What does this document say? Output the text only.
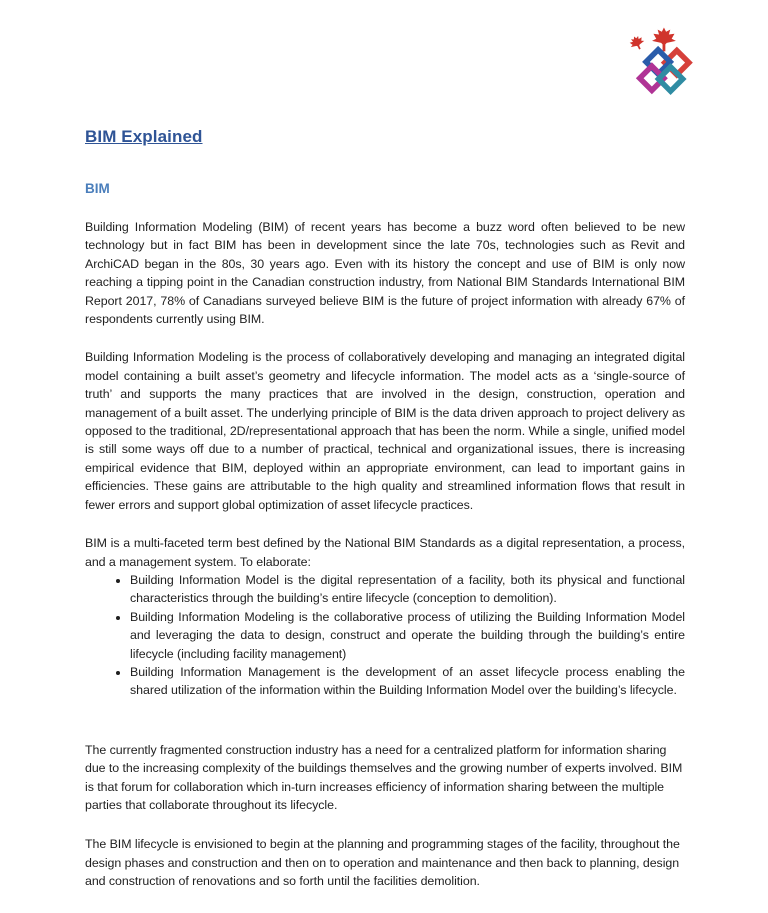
BIM Explained
BIM

Building Information Modeling (BIM) of recent years has become a buzz word often believed to be new technology but in fact BIM has been in development since the late 70s, technologies such as Revit and ArchiCAD began in the 80s, 30 years ago. Even with its history the concept and use of BIM is only now reaching a tipping point in the Canadian construction industry, from National BIM Standards International BIM Report 2017, 78% of Canadians surveyed believe BIM is the future of project information with already 67% of respondents currently using BIM.

Building Information Modeling is the process of collaboratively developing and managing an integrated digital model containing a built asset’s geometry and lifecycle information. The model acts as a ‘single-source of truth’ and supports the many practices that are involved in the design, construction, operation and management of a built asset. The underlying principle of BIM is the data driven approach to project delivery as opposed to the traditional, 2D/representational approach that has been the norm. While a single, unified model is still some ways off due to a number of practical, technical and organizational issues, there is increasing empirical evidence that BIM, deployed within an appropriate environment, can lead to important gains in efficiencies. These gains are attributable to the high quality and streamlined information flows that result in fewer errors and support global optimization of asset lifecycle practices.

BIM is a multi-faceted term best defined by the National BIM Standards as a digital representation, a process, and a management system. To elaborate:

• Building Information Model is the digital representation of a facility, both its physical and functional characteristics through the building’s entire lifecycle (conception to demolition).
• Building Information Modeling is the collaborative process of utilizing the Building Information Model and leveraging the data to design, construct and operate the building through the building’s entire lifecycle (including facility management)
• Building Information Management is the development of an asset lifecycle process enabling the shared utilization of the information within the Building Information Model over the building’s lifecycle.

The currently fragmented construction industry has a need for a centralized platform for information sharing due to the increasing complexity of the buildings themselves and the growing number of experts involved. BIM is that forum for collaboration which in-turn increases efficiency of information sharing between the multiple parties that collaborate throughout its lifecycle.

The BIM lifecycle is envisioned to begin at the planning and programming stages of the facility, throughout the design phases and construction and then on to operation and maintenance and then back to planning, design and construction of renovations and so forth until the facilities demolition.
